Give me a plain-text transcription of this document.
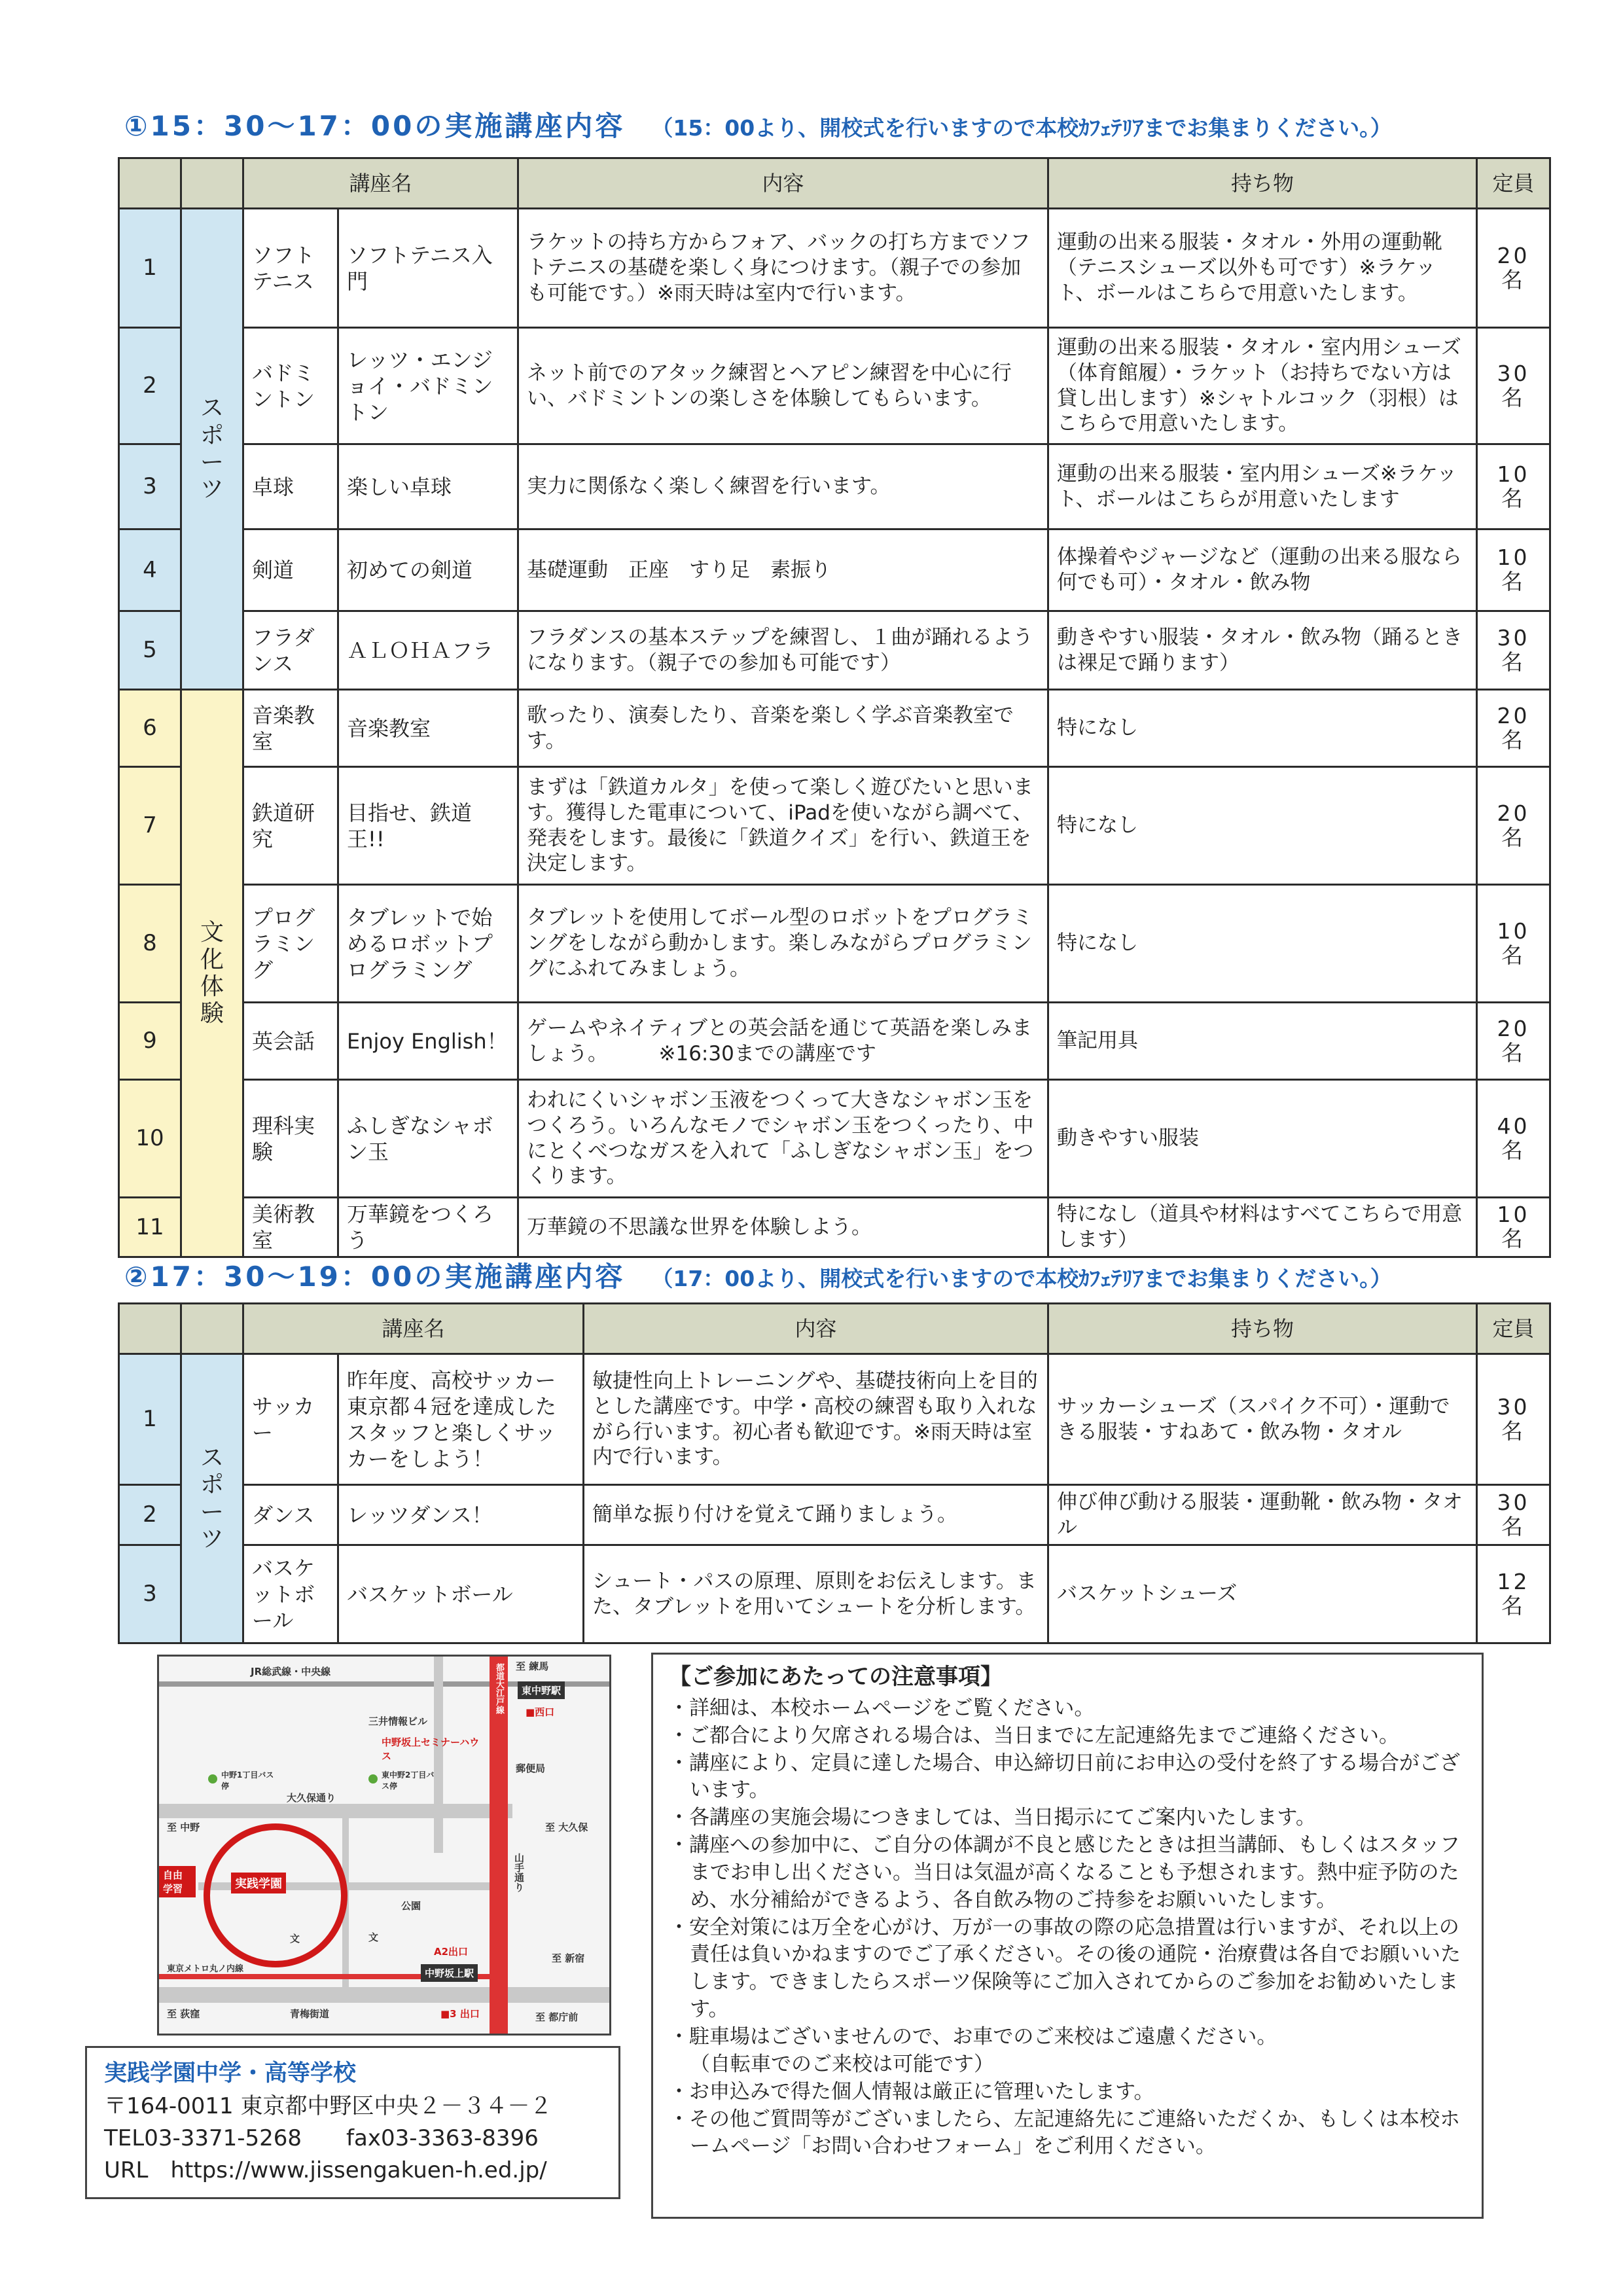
①15：30～17：00の実施講座内容 （15：00より、開校式を行いますので本校ｶﾌｪﾃﾘｱまでお集まりください。）
		講座名		内容	持ち物	定員
1	スポーツ	ソフトテニス	ソフトテニス入門	ラケットの持ち方からフォア、バックの打ち方までソフトテニスの基礎を楽しく身につけます。（親子での参加も可能です。）※雨天時は室内で行います。	運動の出来る服装・タオル・外用の運動靴（テニスシューズ以外も可です）※ラケット、ボールはこちらで用意いたします。	20名
2		バドミントン	レッツ・エンジョイ・バドミントン	ネット前でのアタック練習とヘアピン練習を中心に行い、バドミントンの楽しさを体験してもらいます。	運動の出来る服装・タオル・室内用シューズ（体育館履）・ラケット（お持ちでない方は貸し出します）※シャトルコック（羽根）はこちらで用意いたします。	30名
3		卓球	楽しい卓球	実力に関係なく楽しく練習を行います。	運動の出来る服装・室内用シューズ※ラケット、ボールはこちらが用意いたします	10名
4		剣道	初めての剣道	基礎運動　正座　すり足　素振り	体操着やジャージなど（運動の出来る服なら何でも可）・タオル・飲み物	10名
5		フラダンス	ＡＬＯＨＡフラ	フラダンスの基本ステップを練習し、１曲が踊れるようになります。（親子での参加も可能です）	動きやすい服装・タオル・飲み物（踊るときは裸足で踊ります）	30名
6	文化体験	音楽教室	音楽教室	歌ったり、演奏したり、音楽を楽しく学ぶ音楽教室です。	特になし	20名
7		鉄道研究	目指せ、鉄道王!!	まずは「鉄道カルタ」を使って楽しく遊びたいと思います。獲得した電車について、iPadを使いながら調べて、発表をします。最後に「鉄道クイズ」を行い、鉄道王を決定します。	特になし	20名
8		プログラミング	タブレットで始めるロボットプログラミング	タブレットを使用してボール型のロボットをプログラミングをしながら動かします。楽しみながらプログラミングにふれてみましょう。	特になし	10名
9		英会話	Enjoy English！	ゲームやネイティブとの英会話を通じて英語を楽しみましょう。　　　※16:30までの講座です	筆記用具	20名
10		理科実験	ふしぎなシャボン玉	われにくいシャボン玉液をつくって大きなシャボン玉をつくろう。いろんなモノでシャボン玉をつくったり、中にとくべつなガスを入れて「ふしぎなシャボン玉」をつくります。	動きやすい服装	40名
11		美術教室	万華鏡をつくろう	万華鏡の不思議な世界を体験しよう。	特になし（道具や材料はすべてこちらで用意します）	10名
②17：30～19：00の実施講座内容 （17：00より、開校式を行いますので本校ｶﾌｪﾃﾘｱまでお集まりください。）
		講座名		内容	持ち物	定員
1	スポーツ	サッカー	昨年度、高校サッカー東京都４冠を達成したスタッフと楽しくサッカーをしよう！	敏捷性向上トレーニングや、基礎技術向上を目的とした講座です。中学・高校の練習も取り入れながら行います。初心者も歓迎です。※雨天時は室内で行います。	サッカーシューズ（スパイク不可）・運動できる服装・すねあて・飲み物・タオル	30名
2		ダンス	レッツダンス！	簡単な振り付けを覚えて踊りましょう。	伸び伸び動ける服装・運動靴・飲み物・タオル	30名
3		バスケットボール	バスケットボール	シュート・パスの原理、原則をお伝えします。また、タブレットを用いてシュートを分析します。	バスケットシューズ	12名
JR総武線・中央線	至 練馬
東中野駅
■西口
都道大江戸線
三井情報ビル
中野坂上セミナーハウス
中野1丁目バス停
大久保通り
東中野2丁目バス停
郵便局
至 中野	至 大久保
自由学習	実践学園	山手通り
公園
文	文
A2出口
至 新宿
東京メトロ丸ノ内線	中野坂上駅
至 荻窪	青梅街道	■3 出口	至 都庁前
実践学園中学・高等学校
〒164-0011 東京都中野区中央２－３４－２
TEL03-3371-5268　　fax03-3363-8396
URL　https://www.jissengakuen-h.ed.jp/
【ご参加にあたっての注意事項】
・詳細は、本校ホームページをご覧ください。
・ご都合により欠席される場合は、当日までに左記連絡先までご連絡ください。
・講座により、定員に達した場合、申込締切日前にお申込の受付を終了する場合がございます。
・各講座の実施会場につきましては、当日掲示にてご案内いたします。
・講座への参加中に、ご自分の体調が不良と感じたときは担当講師、もしくはスタッフまでお申し出ください。当日は気温が高くなることも予想されます。熱中症予防のため、水分補給ができるよう、各自飲み物のご持参をお願いいたします。
・安全対策には万全を心がけ、万が一の事故の際の応急措置は行いますが、それ以上の責任は負いかねますのでご了承ください。その後の通院・治療費は各自でお願いいたします。できましたらスポーツ保険等にご加入されてからのご参加をお勧めいたします。
・駐車場はございませんので、お車でのご来校はご遠慮ください。
（自転車でのご来校は可能です）
・お申込みで得た個人情報は厳正に管理いたします。
・その他ご質問等がございましたら、左記連絡先にご連絡いただくか、もしくは本校ホームページ「お問い合わせフォーム」をご利用ください。
